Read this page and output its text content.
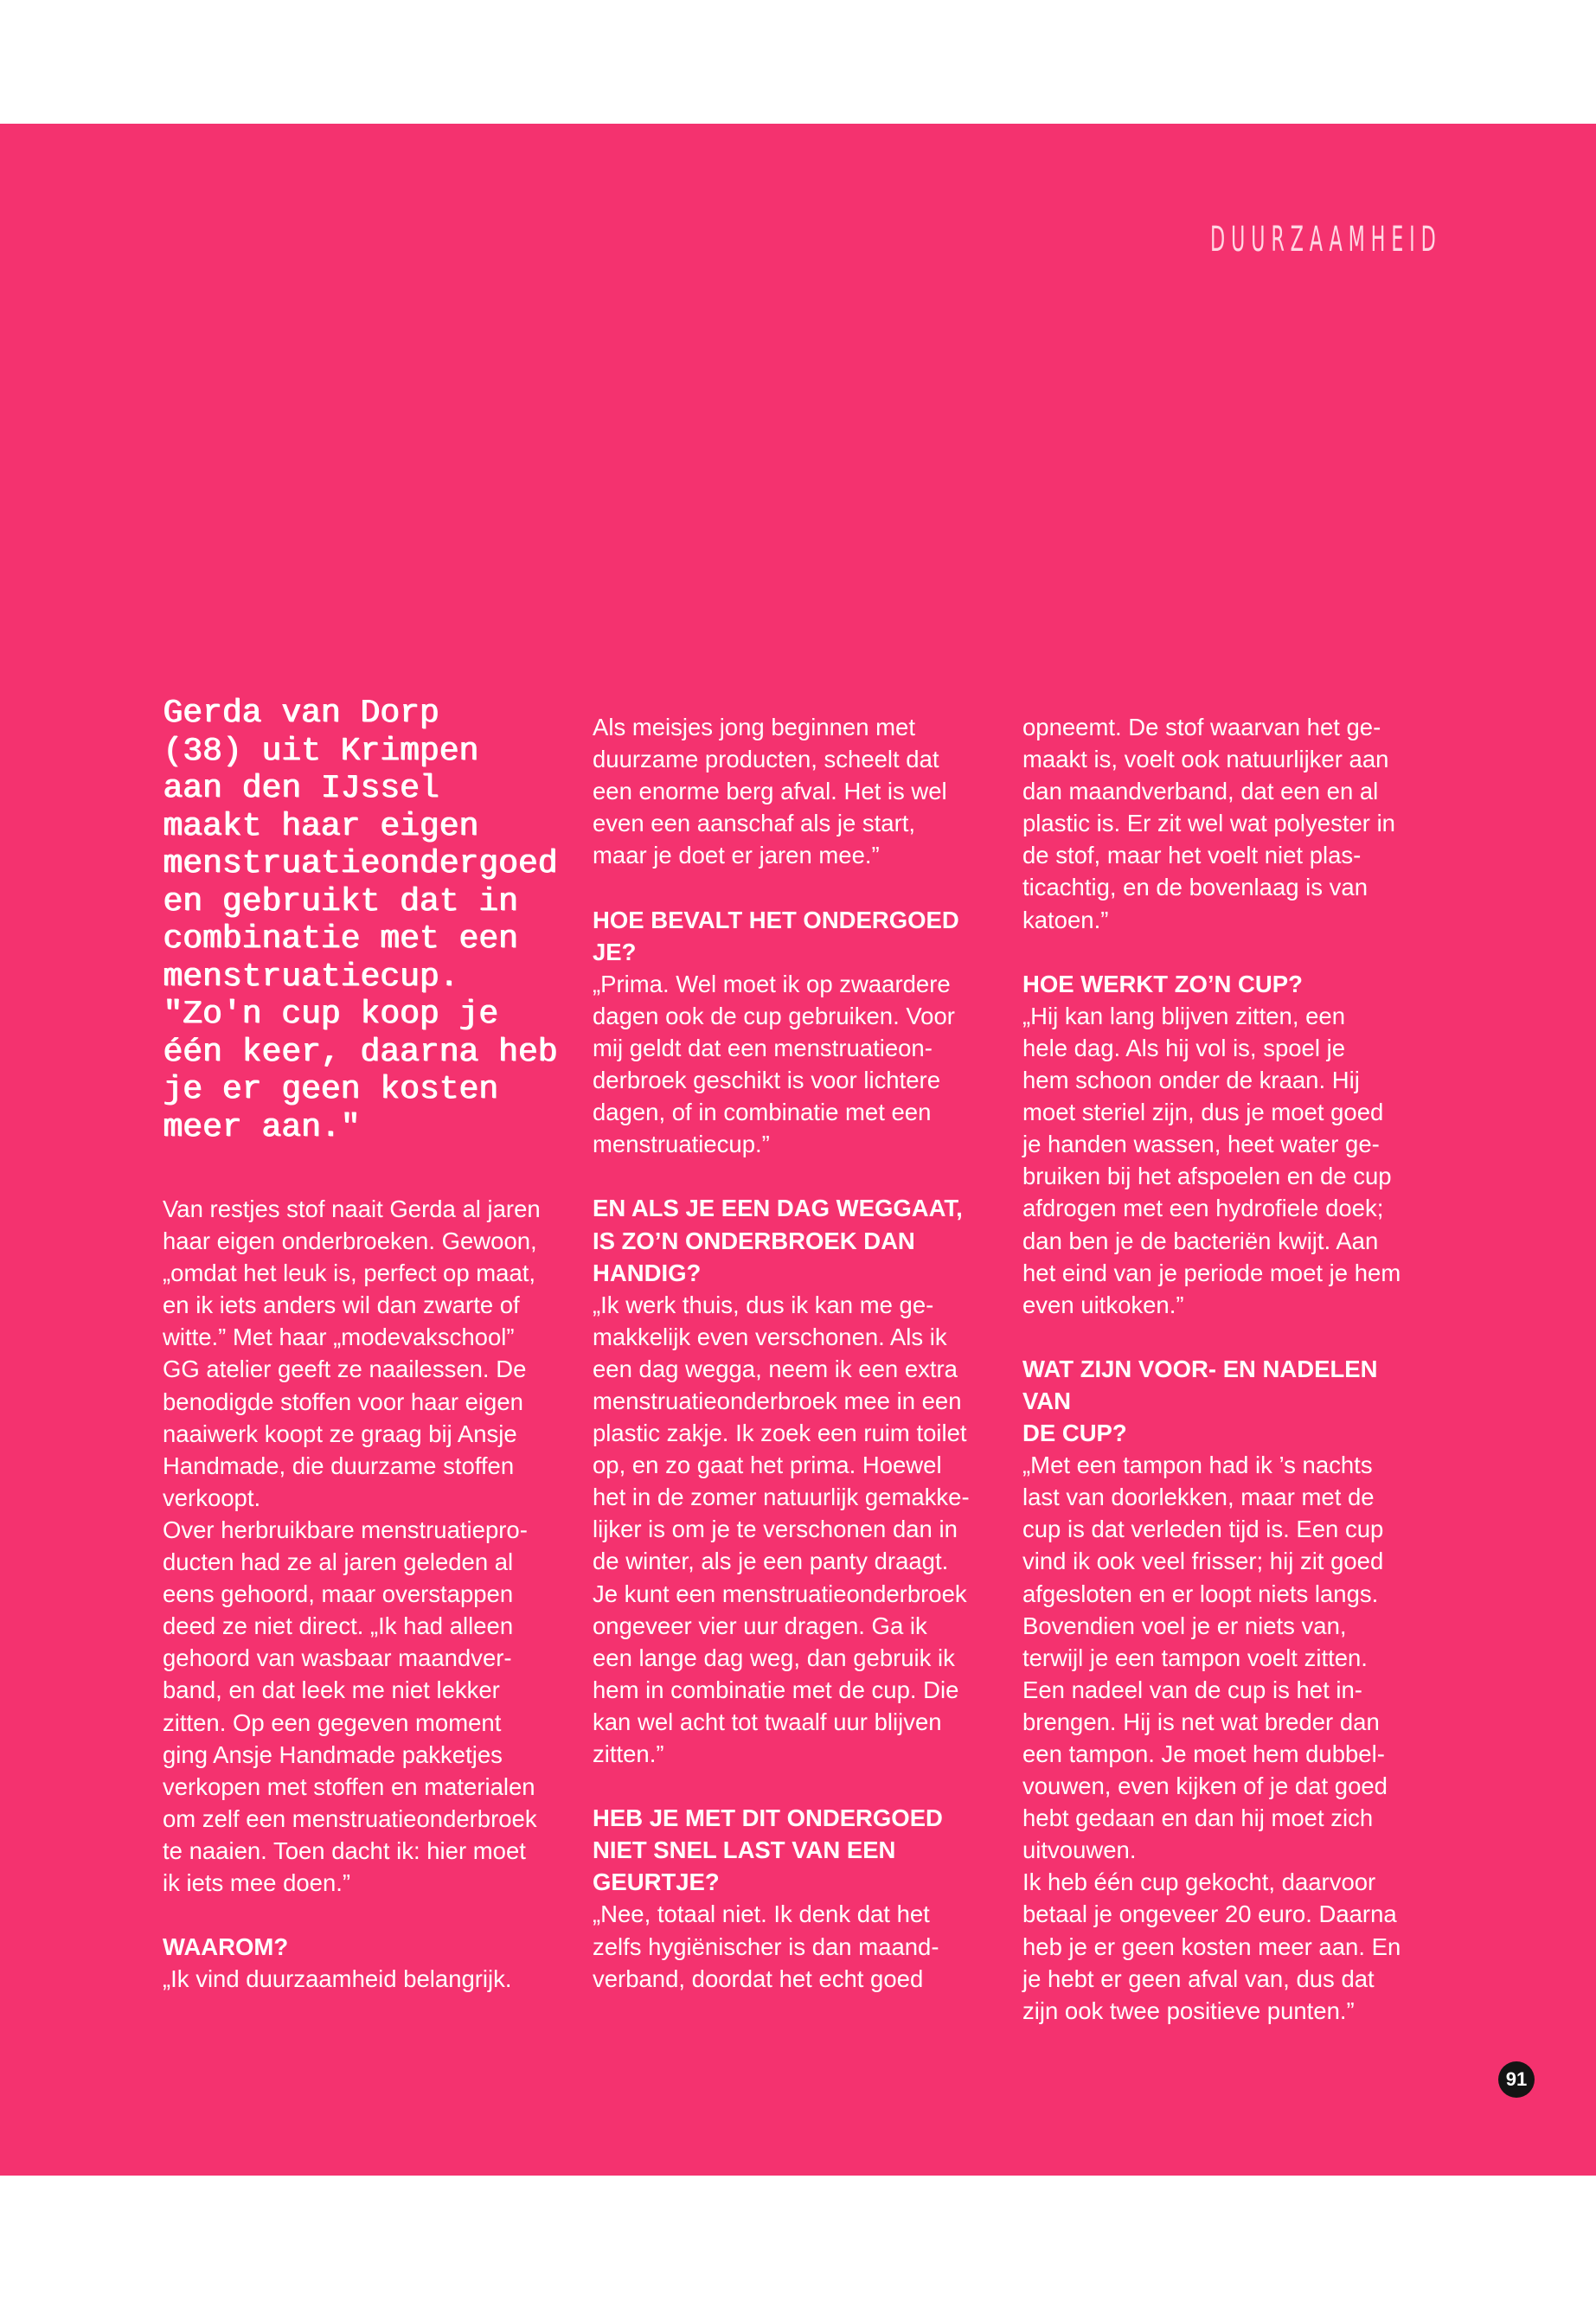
DUURZAAMHEID
Gerda van Dorp
(38) uit Krimpen
aan den IJssel
maakt haar eigen
menstruatieondergoed
en gebruikt dat in
combinatie met een
menstruatiecup.
"Zo'n cup koop je
één keer, daarna heb
je er geen kosten
meer aan."

Van restjes stof naait Gerda al jaren

haar eigen onderbroeken. Gewoon,

„omdat het leuk is, perfect op maat,

en ik iets anders wil dan zwarte of

witte.” Met haar „modevakschool”

GG atelier geeft ze naailessen. De

benodigde stoffen voor haar eigen

naaiwerk koopt ze graag bij Ansje

Handmade, die duurzame stoffen

verkoopt.

Over herbruikbare menstruatiepro-

ducten had ze al jaren geleden al

eens gehoord, maar overstappen

deed ze niet direct. „Ik had alleen

gehoord van wasbaar maandver-

band, en dat leek me niet lekker

zitten. Op een gegeven moment

ging Ansje Handmade pakketjes

verkopen met stoffen en materialen

om zelf een menstruatieonderbroek

te naaien. Toen dacht ik: hier moet

ik iets mee doen.”

WAAROM?

„Ik vind duurzaamheid belangrijk.

Als meisjes jong beginnen met

duurzame producten, scheelt dat

een enorme berg afval. Het is wel

even een aanschaf als je start,

maar je doet er jaren mee.”

HOE BEVALT HET ONDERGOED

JE?

„Prima. Wel moet ik op zwaardere

dagen ook de cup gebruiken. Voor

mij geldt dat een menstruatieon-

derbroek geschikt is voor lichtere

dagen, of in combinatie met een

menstruatiecup.”

EN ALS JE EEN DAG WEGGAAT,

IS ZO’N ONDERBROEK DAN

HANDIG?

„Ik werk thuis, dus ik kan me ge-

makkelijk even verschonen. Als ik

een dag wegga, neem ik een extra

menstruatieonderbroek mee in een

plastic zakje. Ik zoek een ruim toilet

op, en zo gaat het prima. Hoewel

het in de zomer natuurlijk gemakke-

lijker is om je te verschonen dan in

de winter, als je een panty draagt.

Je kunt een menstruatieonderbroek

ongeveer vier uur dragen. Ga ik

een lange dag weg, dan gebruik ik

hem in combinatie met de cup. Die

kan wel acht tot twaalf uur blijven

zitten.”

HEB JE MET DIT ONDERGOED

NIET SNEL LAST VAN EEN

GEURTJE?

„Nee, totaal niet. Ik denk dat het

zelfs hygiënischer is dan maand-

verband, doordat het echt goed

opneemt. De stof waarvan het ge-

maakt is, voelt ook natuurlijker aan

dan maandverband, dat een en al

plastic is. Er zit wel wat polyester in

de stof, maar het voelt niet plas-

ticachtig, en de bovenlaag is van

katoen.”

HOE WERKT ZO’N CUP?

„Hij kan lang blijven zitten, een

hele dag. Als hij vol is, spoel je

hem schoon onder de kraan. Hij

moet steriel zijn, dus je moet goed

je handen wassen, heet water ge-

bruiken bij het afspoelen en de cup

afdrogen met een hydrofiele doek;

dan ben je de bacteriën kwijt. Aan

het eind van je periode moet je hem

even uitkoken.”

WAT ZIJN VOOR- EN NADELEN VAN

DE CUP?

„Met een tampon had ik ’s nachts

last van doorlekken, maar met de

cup is dat verleden tijd is. Een cup

vind ik ook veel frisser; hij zit goed

afgesloten en er loopt niets langs.

Bovendien voel je er niets van,

terwijl je een tampon voelt zitten.

Een nadeel van de cup is het in-

brengen. Hij is net wat breder dan

een tampon. Je moet hem dubbel-

vouwen, even kijken of je dat goed

hebt gedaan en dan hij moet zich

uitvouwen.

Ik heb één cup gekocht, daarvoor

betaal je ongeveer 20 euro. Daarna

heb je er geen kosten meer aan. En

je hebt er geen afval van, dus dat

zijn ook twee positieve punten.”

91
